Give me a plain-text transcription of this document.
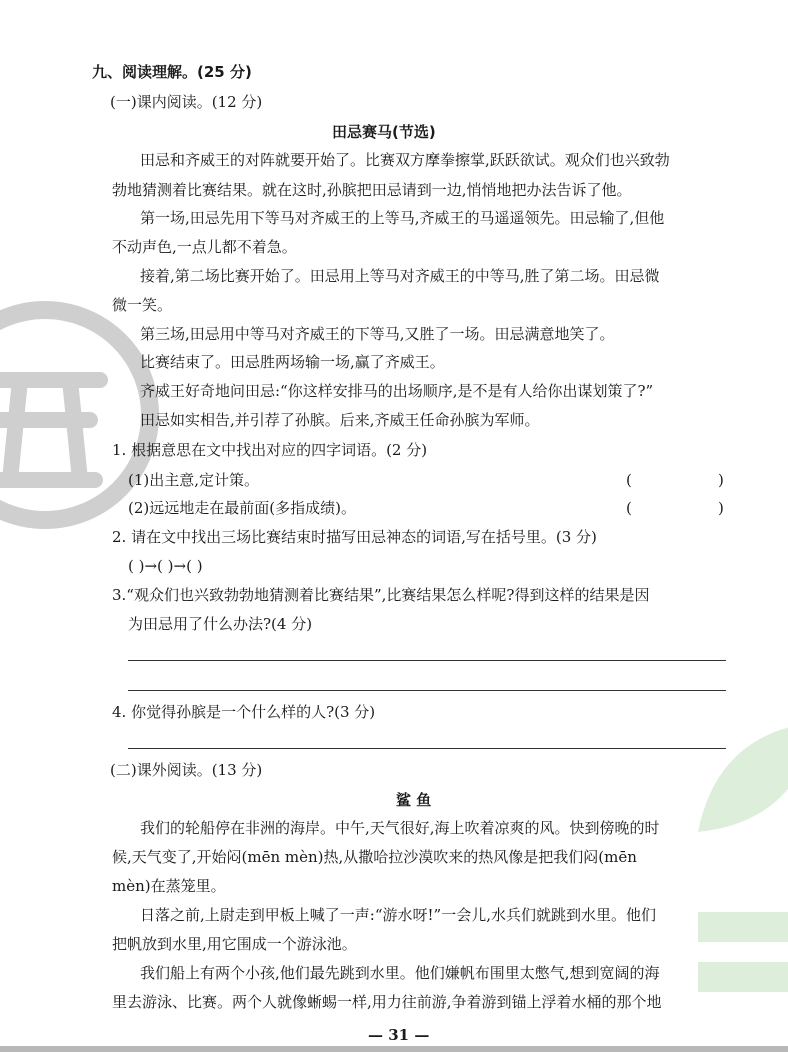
九、阅读理解。(25 分)
(一)课内阅读。(12 分)
田忌赛马(节选)
田忌和齐威王的对阵就要开始了。比赛双方摩拳擦掌,跃跃欲试。观众们也兴致勃
勃地猜测着比赛结果。就在这时,孙膑把田忌请到一边,悄悄地把办法告诉了他。
第一场,田忌先用下等马对齐威王的上等马,齐威王的马遥遥领先。田忌输了,但他
不动声色,一点儿都不着急。
接着,第二场比赛开始了。田忌用上等马对齐威王的中等马,胜了第二场。田忌微
微一笑。
第三场,田忌用中等马对齐威王的下等马,又胜了一场。田忌满意地笑了。
比赛结束了。田忌胜两场输一场,赢了齐威王。
齐威王好奇地问田忌:“你这样安排马的出场顺序,是不是有人给你出谋划策了?”
田忌如实相告,并引荐了孙膑。后来,齐威王任命孙膑为军师。
1. 根据意思在文中找出对应的四字词语。(2 分)
(1)出主意,定计策。	(	)
(2)远远地走在最前面(多指成绩)。	(	)
2. 请在文中找出三场比赛结束时描写田忌神态的词语,写在括号里。(3 分)
( )→( )→( )
3.“观众们也兴致勃勃地猜测着比赛结果”,比赛结果怎么样呢?得到这样的结果是因
为田忌用了什么办法?(4 分)
4. 你觉得孙膑是一个什么样的人?(3 分)
(二)课外阅读。(13 分)
鲨 鱼
我们的轮船停在非洲的海岸。中午,天气很好,海上吹着凉爽的风。快到傍晚的时
候,天气变了,开始闷(mēn mèn)热,从撒哈拉沙漠吹来的热风像是把我们闷(mēn
mèn)在蒸笼里。
日落之前,上尉走到甲板上喊了一声:“游水呀!”一会儿,水兵们就跳到水里。他们
把帆放到水里,用它围成一个游泳池。
我们船上有两个小孩,他们最先跳到水里。他们嫌帆布围里太憋气,想到宽阔的海
里去游泳、比赛。两个人就像蜥蜴一样,用力往前游,争着游到锚上浮着水桶的那个地
— 31 —
